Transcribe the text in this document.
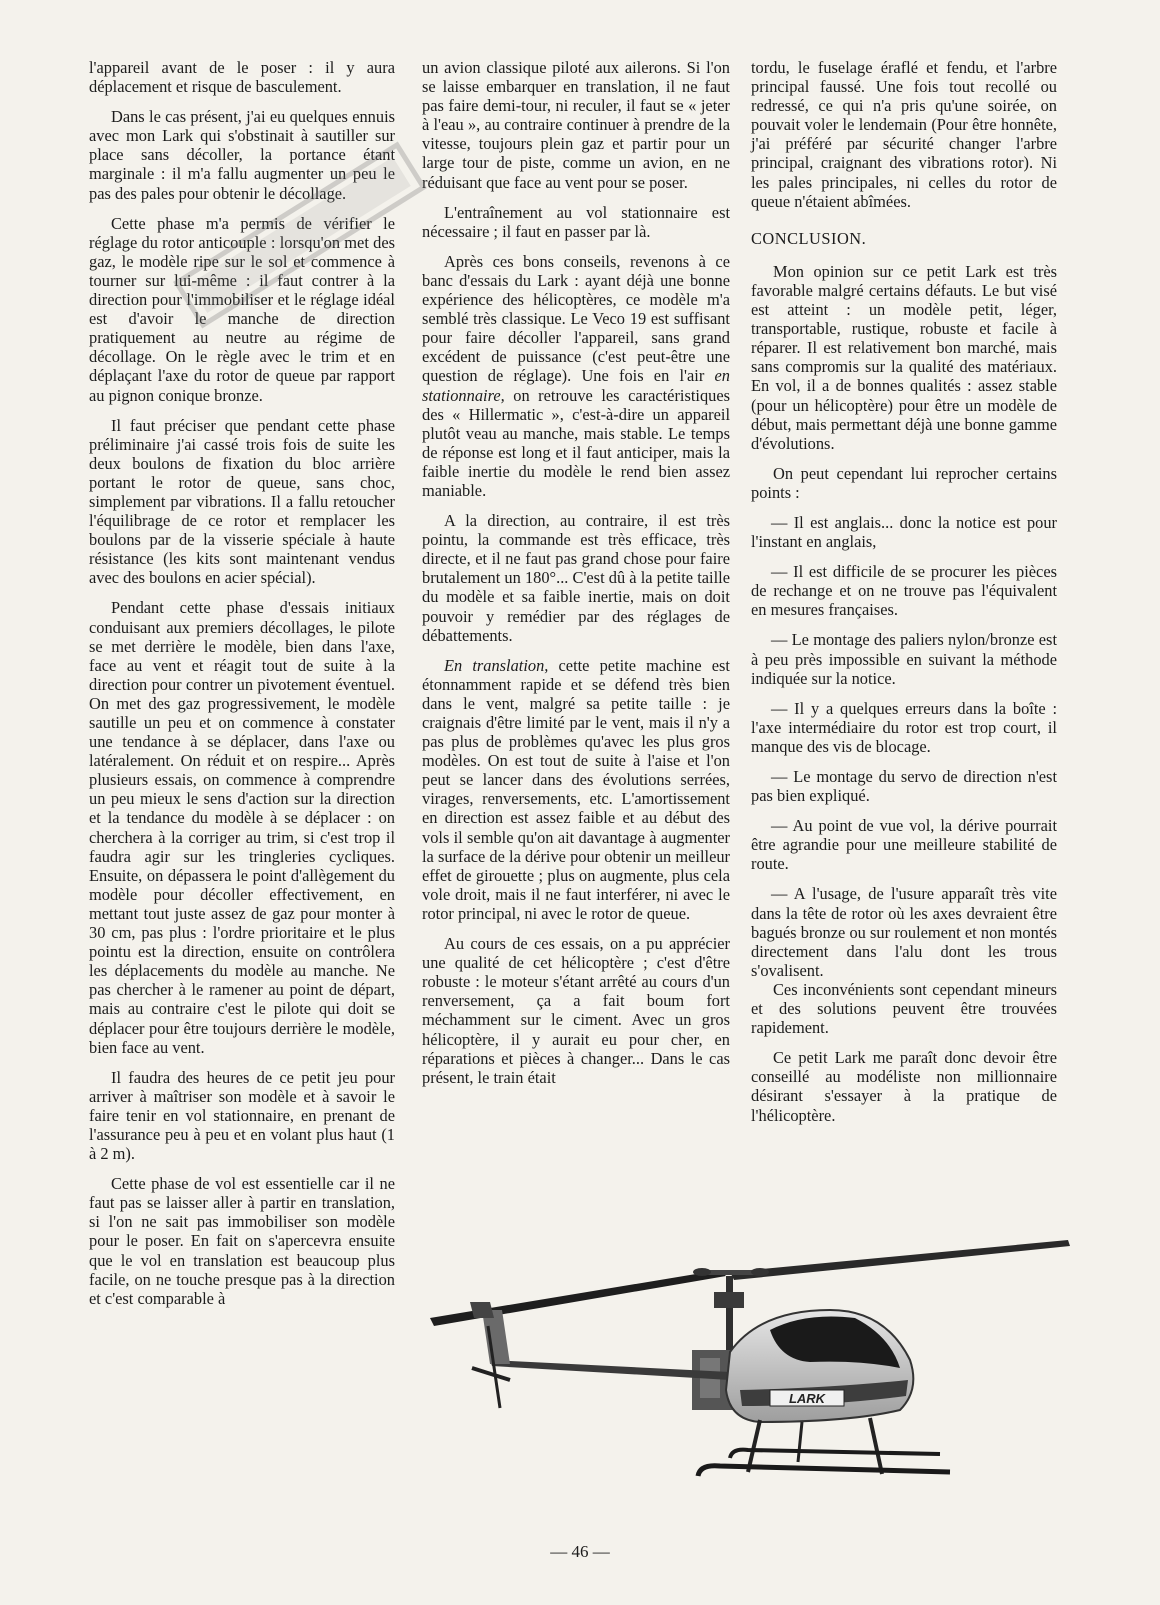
l'appareil avant de le poser : il y aura déplacement et risque de basculement.

Dans le cas présent, j'ai eu quelques ennuis avec mon Lark qui s'obstinait à sautiller sur place sans décoller, la portance étant marginale : il m'a fallu augmenter un peu le pas des pales pour obtenir le décollage.

Cette phase m'a permis de vérifier le réglage du rotor anticouple : lorsqu'on met des gaz, le modèle ripe sur le sol et commence à tourner sur lui-même : il faut contrer à la direction pour l'immobiliser et le réglage idéal est d'avoir le manche de direction pratiquement au neutre au régime de décollage. On le règle avec le trim et en déplaçant l'axe du rotor de queue par rapport au pignon conique bronze.

Il faut préciser que pendant cette phase préliminaire j'ai cassé trois fois de suite les deux boulons de fixation du bloc arrière portant le rotor de queue, sans choc, simplement par vibrations. Il a fallu retoucher l'équilibrage de ce rotor et remplacer les boulons par de la visserie spéciale à haute résistance (les kits sont maintenant vendus avec des boulons en acier spécial).

Pendant cette phase d'essais initiaux conduisant aux premiers décollages, le pilote se met derrière le modèle, bien dans l'axe, face au vent et réagit tout de suite à la direction pour contrer un pivotement éventuel. On met des gaz progressivement, le modèle sautille un peu et on commence à constater une tendance à se déplacer, dans l'axe ou latéralement. On réduit et on respire... Après plusieurs essais, on commence à comprendre un peu mieux le sens d'action sur la direction et la tendance du modèle à se déplacer : on cherchera à la corriger au trim, si c'est trop il faudra agir sur les tringleries cycliques. Ensuite, on dépassera le point d'allègement du modèle pour décoller effectivement, en mettant tout juste assez de gaz pour monter à 30 cm, pas plus : l'ordre prioritaire et le plus pointu est la direction, ensuite on contrôlera les déplacements du modèle au manche. Ne pas chercher à le ramener au point de départ, mais au contraire c'est le pilote qui doit se déplacer pour être toujours derrière le modèle, bien face au vent.

Il faudra des heures de ce petit jeu pour arriver à maîtriser son modèle et à savoir le faire tenir en vol stationnaire, en prenant de l'assurance peu à peu et en volant plus haut (1 à 2 m).

Cette phase de vol est essentielle car il ne faut pas se laisser aller à partir en translation, si l'on ne sait pas immobiliser son modèle pour le poser. En fait on s'apercevra ensuite que le vol en translation est beaucoup plus facile, on ne touche presque pas à la direction et c'est comparable à

un avion classique piloté aux ailerons. Si l'on se laisse embarquer en translation, il ne faut pas faire demi-tour, ni reculer, il faut se « jeter à l'eau », au contraire continuer à prendre de la vitesse, toujours plein gaz et partir pour un large tour de piste, comme un avion, en ne réduisant que face au vent pour se poser.

L'entraînement au vol stationnaire est nécessaire ; il faut en passer par là.

Après ces bons conseils, revenons à ce banc d'essais du Lark : ayant déjà une bonne expérience des hélicoptères, ce modèle m'a semblé très classique. Le Veco 19 est suffisant pour faire décoller l'appareil, sans grand excédent de puissance (c'est peut-être une question de réglage). Une fois en l'air en stationnaire, on retrouve les caractéristiques des « Hillermatic », c'est-à-dire un appareil plutôt veau au manche, mais stable. Le temps de réponse est long et il faut anticiper, mais la faible inertie du modèle le rend bien assez maniable.

A la direction, au contraire, il est très pointu, la commande est très efficace, très directe, et il ne faut pas grand chose pour faire brutalement un 180°... C'est dû à la petite taille du modèle et sa faible inertie, mais on doit pouvoir y remédier par des réglages de débattements.

En translation, cette petite machine est étonnamment rapide et se défend très bien dans le vent, malgré sa petite taille : je craignais d'être limité par le vent, mais il n'y a pas plus de problèmes qu'avec les plus gros modèles. On est tout de suite à l'aise et l'on peut se lancer dans des évolutions serrées, virages, renversements, etc. L'amortissement en direction est assez faible et au début des vols il semble qu'on ait davantage à augmenter la surface de la dérive pour obtenir un meilleur effet de girouette ; plus on augmente, plus cela vole droit, mais il ne faut interférer, ni avec le rotor principal, ni avec le rotor de queue.

Au cours de ces essais, on a pu apprécier une qualité de cet hélicoptère ; c'est d'être robuste : le moteur s'étant arrêté au cours d'un renversement, ça a fait boum fort méchamment sur le ciment. Avec un gros hélicoptère, il y aurait eu pour cher, en réparations et pièces à changer... Dans le cas présent, le train était

tordu, le fuselage éraflé et fendu, et l'arbre principal faussé. Une fois tout recollé ou redressé, ce qui n'a pris qu'une soirée, on pouvait voler le lendemain (Pour être honnête, j'ai préféré par sécurité changer l'arbre principal, craignant des vibrations rotor). Ni les pales principales, ni celles du rotor de queue n'étaient abîmées.

CONCLUSION.

Mon opinion sur ce petit Lark est très favorable malgré certains défauts. Le but visé est atteint : un modèle petit, léger, transportable, rustique, robuste et facile à réparer. Il est relativement bon marché, mais sans compromis sur la qualité des matériaux. En vol, il a de bonnes qualités : assez stable (pour un hélicoptère) pour être un modèle de début, mais permettant déjà une bonne gamme d'évolutions.

On peut cependant lui reprocher certains points :

— Il est anglais... donc la notice est pour l'instant en anglais,

— Il est difficile de se procurer les pièces de rechange et on ne trouve pas l'équivalent en mesures françaises.

— Le montage des paliers nylon/bronze est à peu près impossible en suivant la méthode indiquée sur la notice.

— Il y a quelques erreurs dans la boîte : l'axe intermédiaire du rotor est trop court, il manque des vis de blocage.

— Le montage du servo de direction n'est pas bien expliqué.

— Au point de vue vol, la dérive pourrait être agrandie pour une meilleure stabilité de route.

— A l'usage, de l'usure apparaît très vite dans la tête de rotor où les axes devraient être bagués bronze ou sur roulement et non montés directement dans l'alu dont les trous s'ovalisent.

Ces inconvénients sont cependant mineurs et des solutions peuvent être trouvées rapidement.

Ce petit Lark me paraît donc devoir être conseillé au modéliste non millionnaire désirant s'essayer à la pratique de l'hélicoptère.

LARK
— 46 —
